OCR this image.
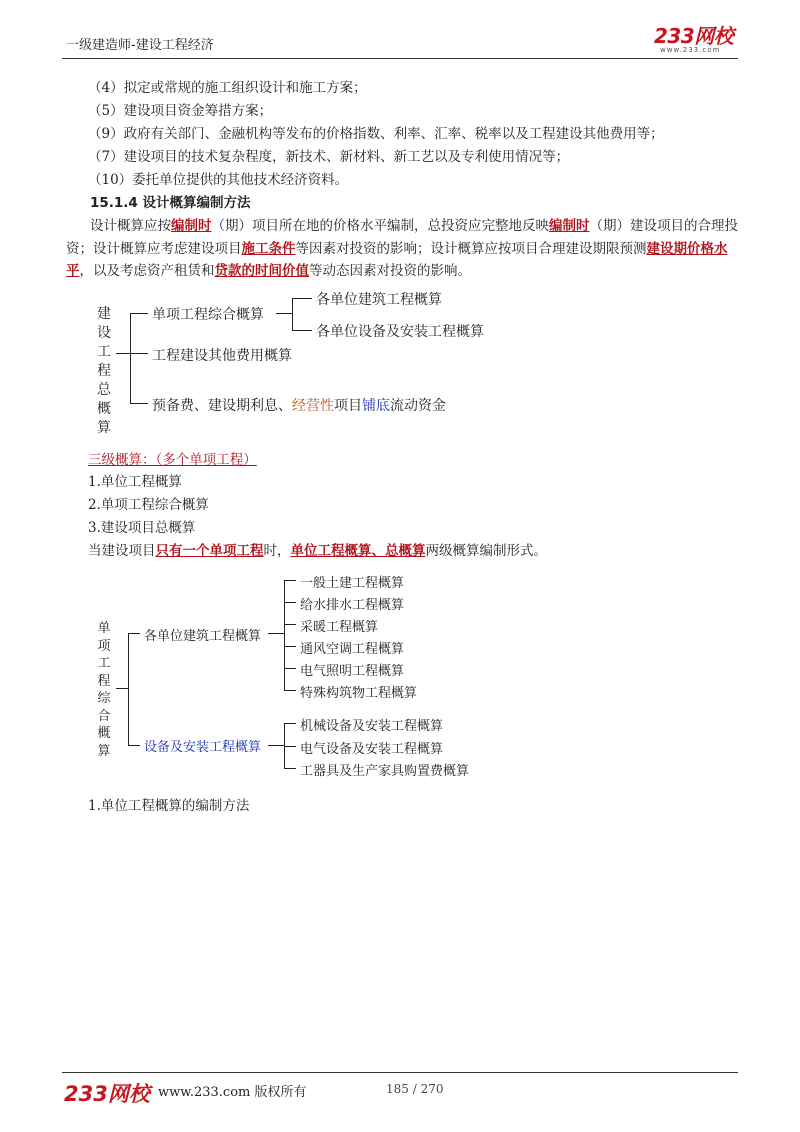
一级建造师-建设工程经济	233网校
www.233.com
（4）拟定或常规的施工组织设计和施工方案；
（5）建设项目资金筹措方案；
（9）政府有关部门、金融机构等发布的价格指数、利率、汇率、税率以及工程建设其他费用等；
（7）建设项目的技术复杂程度，新技术、新材料、新工艺以及专利使用情况等；
（10）委托单位提供的其他技术经济资料。
15.1.4 设计概算编制方法
设计概算应按编制时（期）项目所在地的价格水平编制，总投资应完整地反映编制时（期）建设项目的合理投资；设计概算应考虑建设项目施工条件等因素对投资的影响；设计概算应按项目合理建设期限预测建设期价格水平，以及考虑资产租赁和贷款的时间价值等动态因素对投资的影响。
建
设
工
程
总
概
算
单项工程综合概算
各单位建筑工程概算
各单位设备及安装工程概算
工程建设其他费用概算
预备费、建设期利息、经营性项目铺底流动资金
三级概算：（多个单项工程）
1.单位工程概算
2.单项工程综合概算
3.建设项目总概算
当建设项目只有一个单项工程时，单位工程概算、总概算两级概算编制形式。
单
项
工
程
综
合
概
算
各单位建筑工程概算
一般土建工程概算
给水排水工程概算
采暖工程概算
通风空调工程概算
电气照明工程概算
特殊构筑物工程概算
设备及安装工程概算
机械设备及安装工程概算
电气设备及安装工程概算
工器具及生产家具购置费概算
1.单位工程概算的编制方法
233网校 www.233.com 版权所有	185 / 270
